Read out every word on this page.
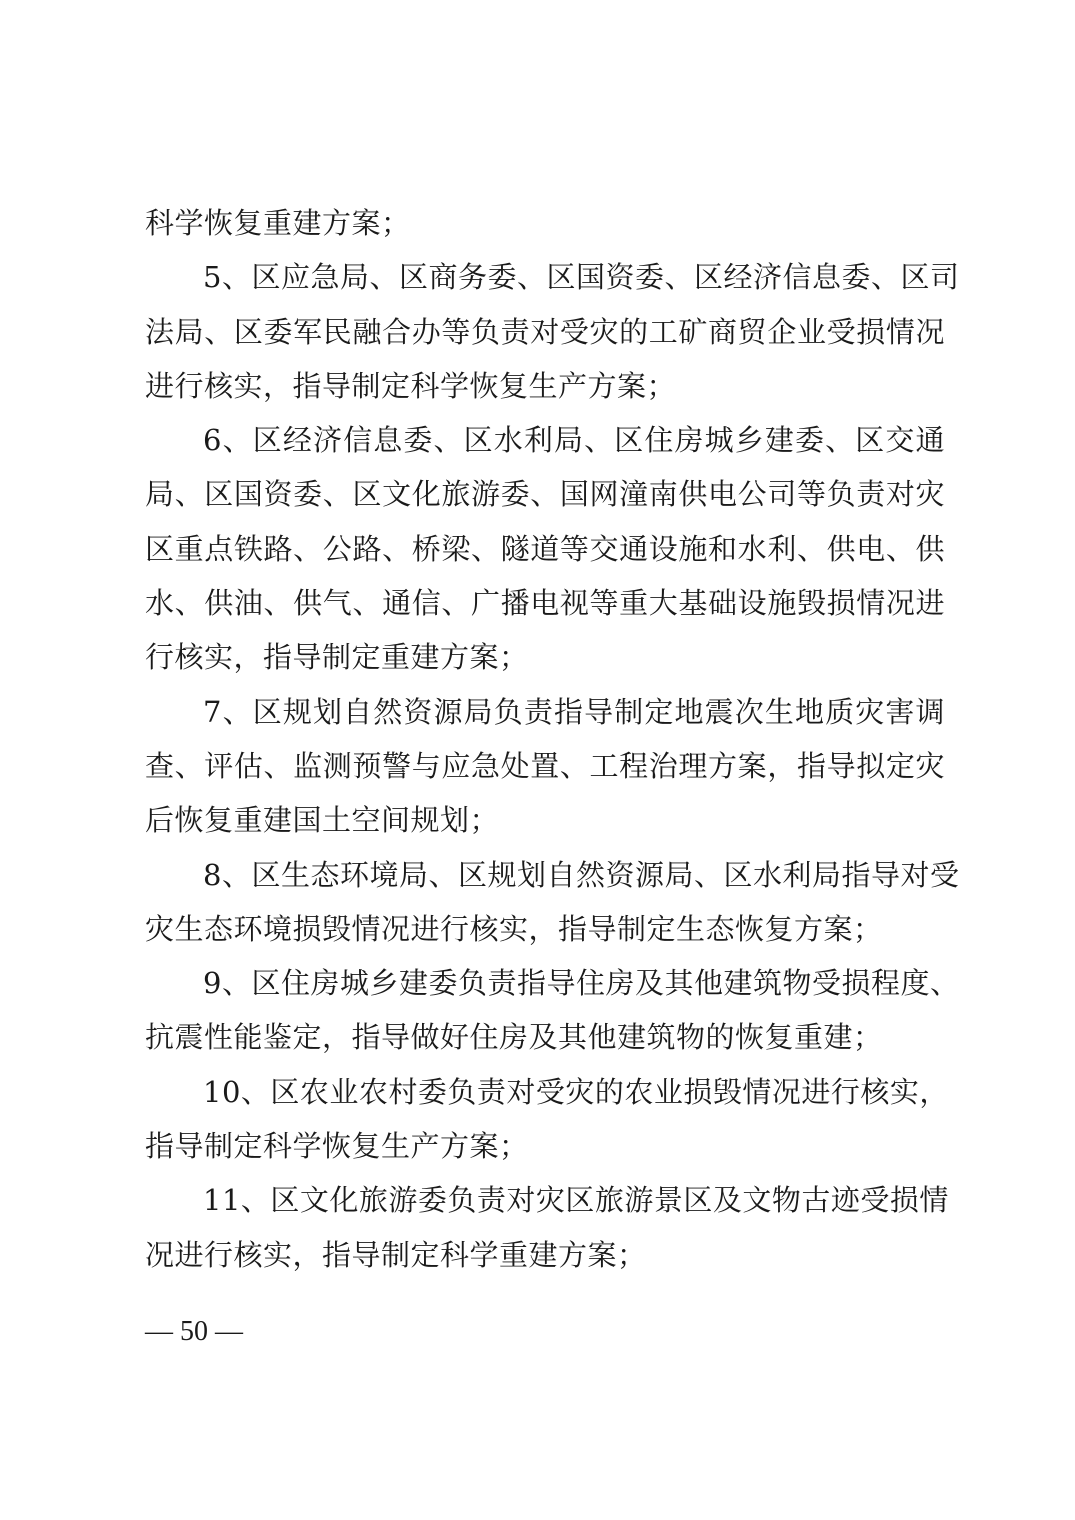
科学恢复重建方案；
5、区应急局、区商务委、区国资委、区经济信息委、区司
法局、区委军民融合办等负责对受灾的工矿商贸企业受损情况
进行核实，指导制定科学恢复生产方案；
6、区经济信息委、区水利局、区住房城乡建委、区交通
局、区国资委、区文化旅游委、国网潼南供电公司等负责对灾
区重点铁路、公路、桥梁、隧道等交通设施和水利、供电、供
水、供油、供气、通信、广播电视等重大基础设施毁损情况进
行核实，指导制定重建方案；
7、区规划自然资源局负责指导制定地震次生地质灾害调
查、评估、监测预警与应急处置、工程治理方案，指导拟定灾
后恢复重建国土空间规划；
8、区生态环境局、区规划自然资源局、区水利局指导对受
灾生态环境损毁情况进行核实，指导制定生态恢复方案；
9、区住房城乡建委负责指导住房及其他建筑物受损程度、
抗震性能鉴定，指导做好住房及其他建筑物的恢复重建；
10、区农业农村委负责对受灾的农业损毁情况进行核实，
指导制定科学恢复生产方案；
11、区文化旅游委负责对灾区旅游景区及文物古迹受损情
况进行核实，指导制定科学重建方案；
— 50 —
